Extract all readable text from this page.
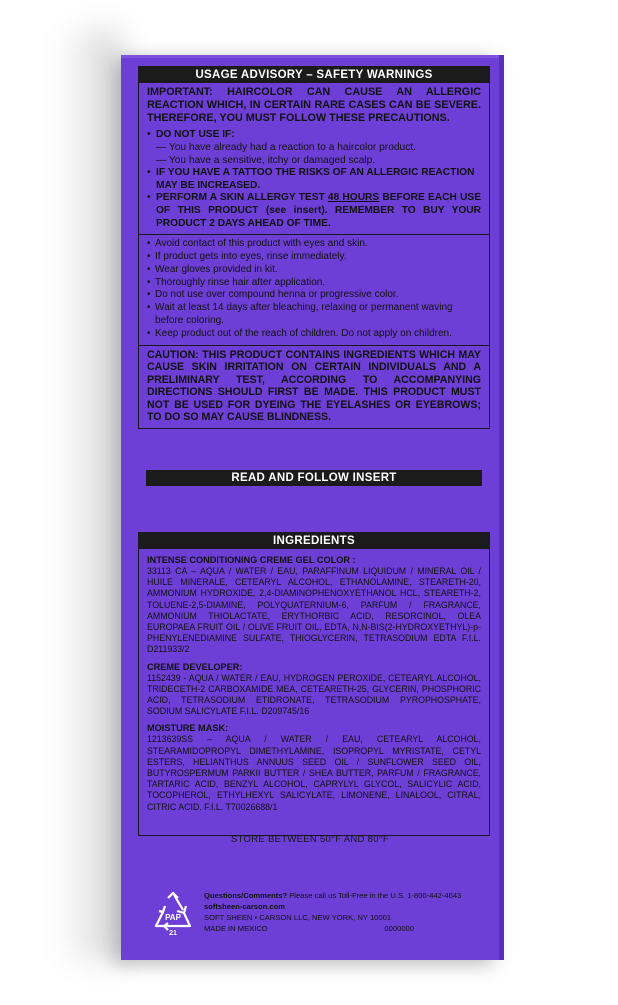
USAGE ADVISORY – SAFETY WARNINGS
IMPORTANT: HAIRCOLOR CAN CAUSE AN ALLERGIC REACTION WHICH, IN CERTAIN RARE CASES CAN BE SEVERE. THEREFORE, YOU MUST FOLLOW THESE PRECAUTIONS.
• DO NOT USE IF:
— You have already had a reaction to a haircolor product.
— You have a sensitive, itchy or damaged scalp.
• IF YOU HAVE A TATTOO THE RISKS OF AN ALLERGIC REACTION MAY BE INCREASED.
• PERFORM A SKIN ALLERGY TEST 48 HOURS BEFORE EACH USE OF THIS PRODUCT (see insert). REMEMBER TO BUY YOUR PRODUCT 2 DAYS AHEAD OF TIME.
• Avoid contact of this product with eyes and skin.
• If product gets into eyes, rinse immediately.
• Wear gloves provided in kit.
• Thoroughly rinse hair after application.
• Do not use over compound henna or progressive color.
• Wait at least 14 days after bleaching, relaxing or permanent waving before coloring.
• Keep product out of the reach of children. Do not apply on children.
CAUTION: THIS PRODUCT CONTAINS INGREDIENTS WHICH MAY CAUSE SKIN IRRITATION ON CERTAIN INDIVIDUALS AND A PRELIMINARY TEST, ACCORDING TO ACCOMPANYING DIRECTIONS SHOULD FIRST BE MADE. THIS PRODUCT MUST NOT BE USED FOR DYEING THE EYELASHES OR EYEBROWS; TO DO SO MAY CAUSE BLINDNESS.
READ AND FOLLOW INSERT
INGREDIENTS
INTENSE CONDITIONING CREME GEL COLOR :
33113 CA – AQUA / WATER / EAU, PARAFFINUM LIQUIDUM / MINERAL OIL / HUILE MINERALE, CETEARYL ALCOHOL, ETHANOLAMINE, STEARETH-20, AMMONIUM HYDROXIDE, 2,4-DIAMINOPHENOXYETHANOL HCL, STEARETH-2, TOLUENE-2,5-DIAMINE, POLYQUATERNIUM-6, PARFUM / FRAGRANCE, AMMONIUM THIOLACTATE, ERYTHORBIC ACID, RESORCINOL, OLEA EUROPAEA FRUIT OIL / OLIVE FRUIT OIL, EDTA, N,N-BIS(2-HYDROXYETHYL)-p-PHENYLENEDIAMINE SULFATE, THIOGLYCERIN, TETRASODIUM EDTA F.I.L. D211933/2
CREME DEVELOPER:
1152439 - AQUA / WATER / EAU, HYDROGEN PEROXIDE, CETEARYL ALCOHOL, TRIDECETH-2 CARBOXAMIDE MEA, CETEARETH-25, GLYCERIN, PHOSPHORIC ACID, TETRASODIUM ETIDRONATE, TETRASODIUM PYROPHOSPHATE, SODIUM SALICYLATE F.I.L. D209745/16
MOISTURE MASK:
1213639SS – AQUA / WATER / EAU, CETEARYL ALCOHOL, STEARAMIDOPROPYL DIMETHYLAMINE, ISOPROPYL MYRISTATE, CETYL ESTERS, HELIANTHUS ANNUUS SEED OIL / SUNFLOWER SEED OIL, BUTYROSPERMUM PARKII BUTTER / SHEA BUTTER, PARFUM / FRAGRANCE, TARTARIC ACID, BENZYL ALCOHOL, CAPRYLYL GLYCOL, SALICYLIC ACID, TOCOPHEROL, ETHYLHEXYL SALICYLATE, LIMONENE, LINALOOL, CITRAL, CITRIC ACID. F.I.L. T70026688/1
STORE BETWEEN 50°F AND 80°F
PAP
21
Questions/Comments? Please call us Toll-Free in the U.S. 1-800-442-4643
softsheen-carson.com
SOFT SHEEN • CARSON LLC, NEW YORK, NY 10001
MADE IN MEXICO	0000000
